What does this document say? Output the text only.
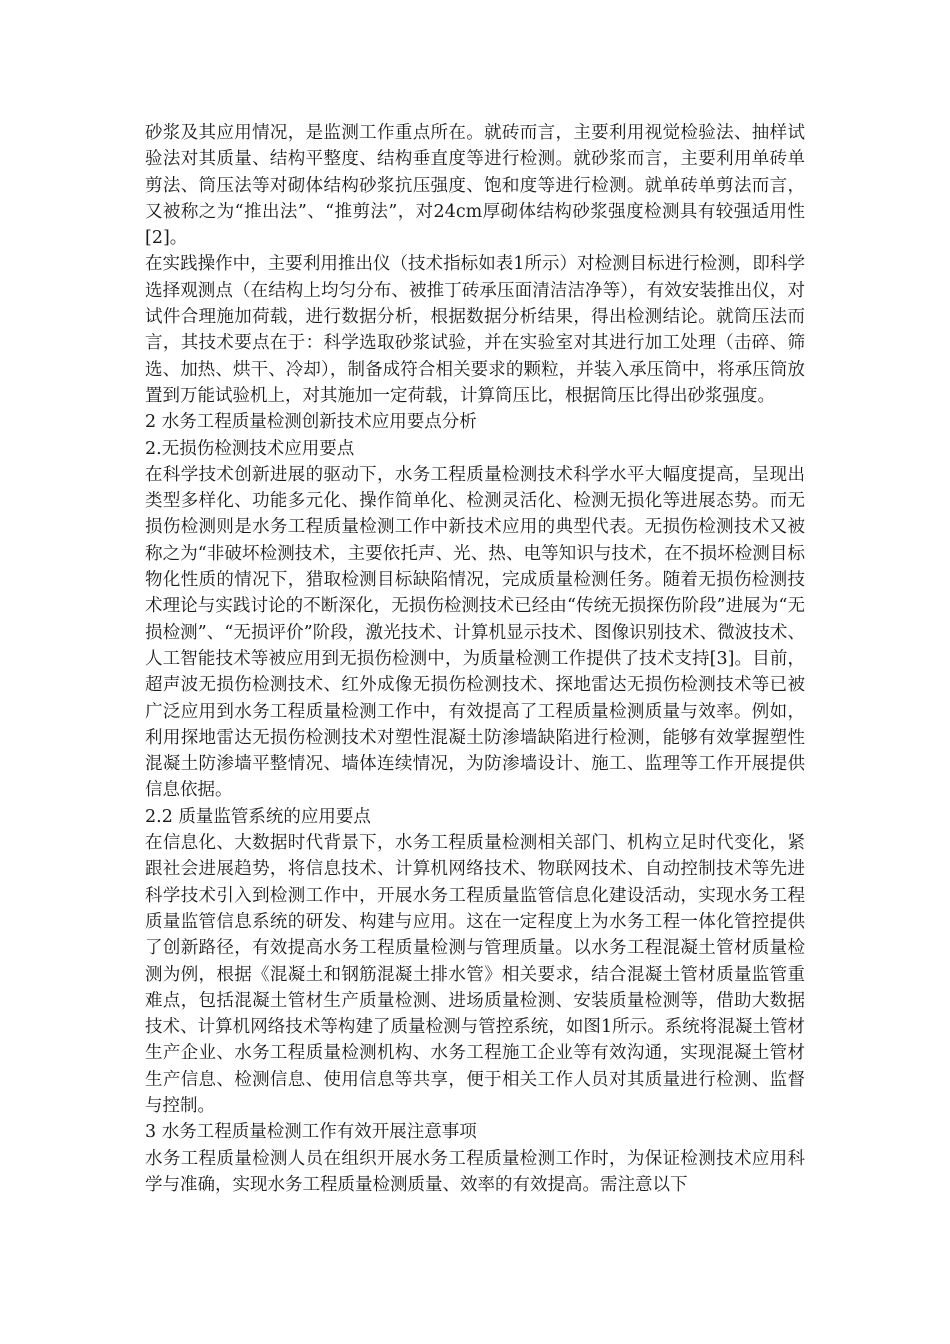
砂浆及其应用情况，是监测工作重点所在。就砖而言，主要利用视觉检验法、抽样试验法对其质量、结构平整度、结构垂直度等进行检测。就砂浆而言，主要利用单砖单剪法、筒压法等对砌体结构砂浆抗压强度、饱和度等进行检测。就单砖单剪法而言，又被称之为“推出法”、“推剪法”，对24cm厚砌体结构砂浆强度检测具有较强适用性[2]。

在实践操作中，主要利用推出仪（技术指标如表1所示）对检测目标进行检测，即科学选择观测点（在结构上均匀分布、被推丁砖承压面清洁洁净等），有效安装推出仪，对试件合理施加荷载，进行数据分析，根据数据分析结果，得出检测结论。就筒压法而言，其技术要点在于：科学选取砂浆试验，并在实验室对其进行加工处理（击碎、筛选、加热、烘干、冷却），制备成符合相关要求的颗粒，并装入承压筒中，将承压筒放置到万能试验机上，对其施加一定荷载，计算筒压比，根据筒压比得出砂浆强度。

2 水务工程质量检测创新技术应用要点分析

2.无损伤检测技术应用要点

在科学技术创新进展的驱动下，水务工程质量检测技术科学水平大幅度提高，呈现出类型多样化、功能多元化、操作简单化、检测灵活化、检测无损化等进展态势。而无损伤检测则是水务工程质量检测工作中新技术应用的典型代表。无损伤检测技术又被称之为“非破坏检测技术，主要依托声、光、热、电等知识与技术，在不损坏检测目标物化性质的情况下，猎取检测目标缺陷情况，完成质量检测任务。随着无损伤检测技术理论与实践讨论的不断深化，无损伤检测技术已经由“传统无损探伤阶段”进展为“无损检测”、“无损评价”阶段，激光技术、计算机显示技术、图像识别技术、微波技术、人工智能技术等被应用到无损伤检测中，为质量检测工作提供了技术支持[3]。目前，超声波无损伤检测技术、红外成像无损伤检测技术、探地雷达无损伤检测技术等已被广泛应用到水务工程质量检测工作中，有效提高了工程质量检测质量与效率。例如，利用探地雷达无损伤检测技术对塑性混凝土防渗墙缺陷进行检测，能够有效掌握塑性混凝土防渗墙平整情况、墙体连续情况，为防渗墙设计、施工、监理等工作开展提供信息依据。

2.2 质量监管系统的应用要点

在信息化、大数据时代背景下，水务工程质量检测相关部门、机构立足时代变化，紧跟社会进展趋势，将信息技术、计算机网络技术、物联网技术、自动控制技术等先进科学技术引入到检测工作中，开展水务工程质量监管信息化建设活动，实现水务工程质量监管信息系统的研发、构建与应用。这在一定程度上为水务工程一体化管控提供了创新路径，有效提高水务工程质量检测与管理质量。以水务工程混凝土管材质量检测为例，根据《混凝土和钢筋混凝土排水管》相关要求，结合混凝土管材质量监管重难点，包括混凝土管材生产质量检测、进场质量检测、安装质量检测等，借助大数据技术、计算机网络技术等构建了质量检测与管控系统，如图1所示。系统将混凝土管材生产企业、水务工程质量检测机构、水务工程施工企业等有效沟通，实现混凝土管材生产信息、检测信息、使用信息等共享，便于相关工作人员对其质量进行检测、监督与控制。

3 水务工程质量检测工作有效开展注意事项

水务工程质量检测人员在组织开展水务工程质量检测工作时，为保证检测技术应用科学与准确，实现水务工程质量检测质量、效率的有效提高。需注意以下
